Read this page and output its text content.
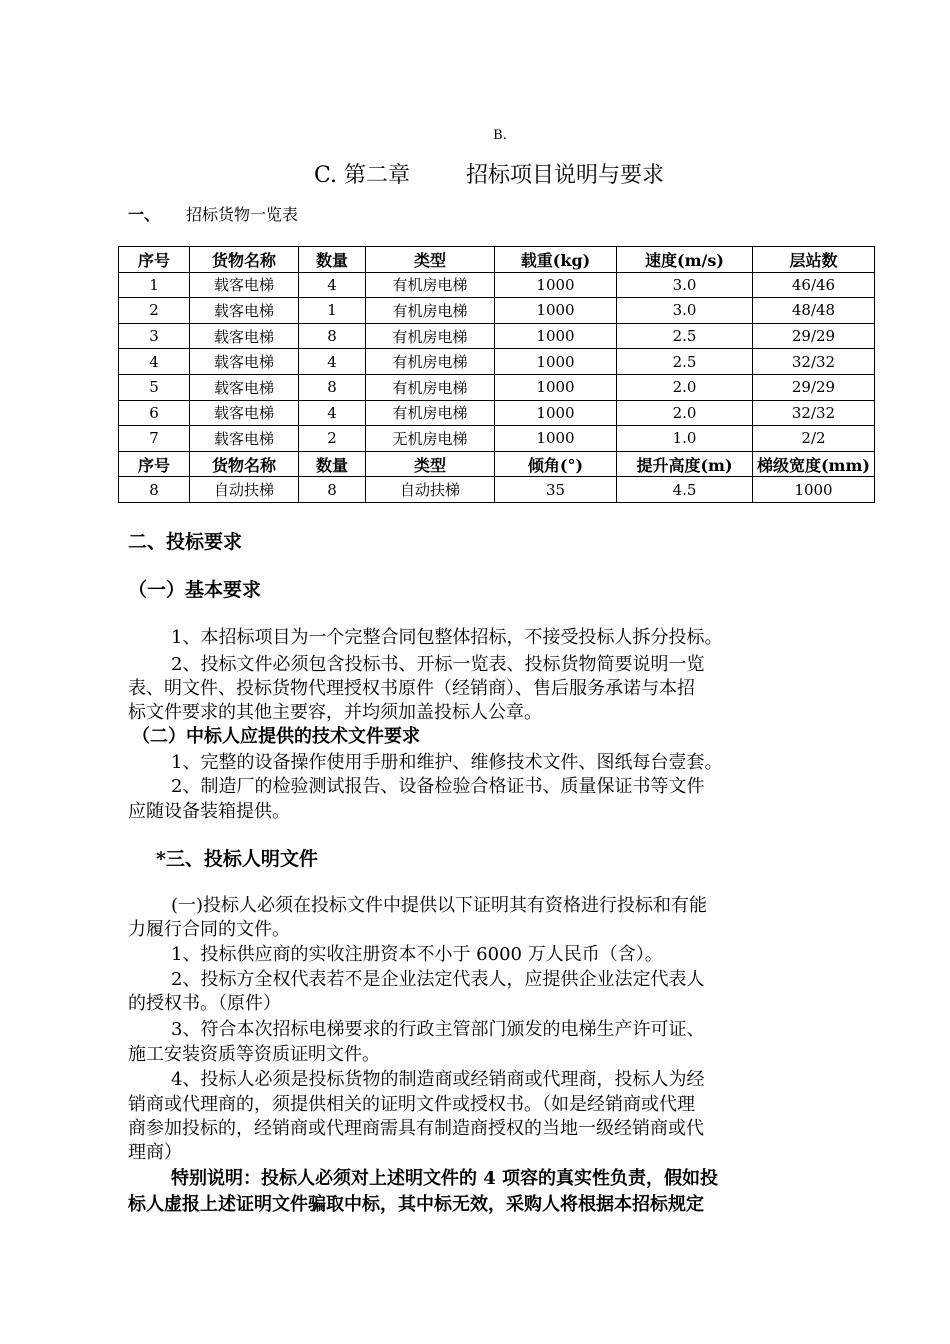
B.
C. 第二章	招标项目说明与要求
一、 招标货物一览表
序号	货物名称	数量	类型	载重(kg)	速度(m/s)	层站数
1	载客电梯	4	有机房电梯	1000	3.0	46/46
2	载客电梯	1	有机房电梯	1000	3.0	48/48
3	载客电梯	8	有机房电梯	1000	2.5	29/29
4	载客电梯	4	有机房电梯	1000	2.5	32/32
5	载客电梯	8	有机房电梯	1000	2.0	29/29
6	载客电梯	4	有机房电梯	1000	2.0	32/32
7	载客电梯	2	无机房电梯	1000	1.0	2/2
序号	货物名称	数量	类型	倾角(°)	提升高度(m)	梯级宽度(mm)
8	自动扶梯	8	自动扶梯	35	4.5	1000
二、投标要求
（一）基本要求
1、本招标项目为一个完整合同包整体招标，不接受投标人拆分投标。
2、投标文件必须包含投标书、开标一览表、投标货物简要说明一览
表、明文件、投标货物代理授权书原件（经销商）、售后服务承诺与本招
标文件要求的其他主要容，并均须加盖投标人公章。
（二）中标人应提供的技术文件要求
1、完整的设备操作使用手册和维护、维修技术文件、图纸每台壹套。
2、制造厂的检验测试报告、设备检验合格证书、质量保证书等文件
应随设备装箱提供。
*三、投标人明文件
(一)投标人必须在投标文件中提供以下证明其有资格进行投标和有能
力履行合同的文件。
1、投标供应商的实收注册资本不小于 6000 万人民币（含）。
2、投标方全权代表若不是企业法定代表人，应提供企业法定代表人
的授权书。（原件）
3、符合本次招标电梯要求的行政主管部门颁发的电梯生产许可证、
施工安装资质等资质证明文件。
4、投标人必须是投标货物的制造商或经销商或代理商，投标人为经
销商或代理商的，须提供相关的证明文件或授权书。（如是经销商或代理
商参加投标的，经销商或代理商需具有制造商授权的当地一级经销商或代
理商）
特别说明：投标人必须对上述明文件的 4 项容的真实性负责，假如投
标人虚报上述证明文件骗取中标，其中标无效，采购人将根据本招标规定
